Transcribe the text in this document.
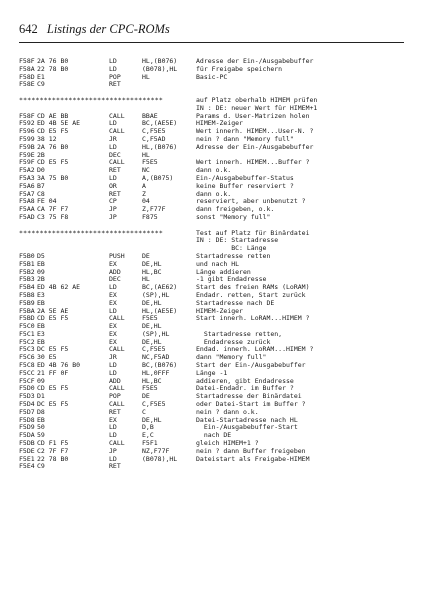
642 Listings der CPC-ROMs
F58F 2A 76 B0	LD	HL,(B076)	Adresse der Ein-/Ausgabebuffer
F58A 22 78 B0	LD	(B078),HL	für Freigabe speichern
F58D E1	POP	HL	Basic-PC
F58E C9	RET
***********************************	auf Platz oberhalb HIMEM prüfen
IN : DE: neuer Wert für HIMEM+1
F58F CD AE BB	CALL	BBAE	Params d. User-Matrizen holen
F592 ED 4B 5E AE	LD	BC,(AE5E)	HIMEM-Zeiger
F596 CD E5 F5	CALL	C,F5E5	Wert innerh. HIMEM...User-N. ?
F599 38 12	JR	C,F5AD	nein ? dann "Memory full"
F59B 2A 76 B0	LD	HL,(B076)	Adresse der Ein-/Ausgabebuffer
F59E 2B	DEC	HL
F59F CD E5 F5	CALL	F5E5	Wert innerh. HIMEM...Buffer ?
F5A2 D0	RET	NC	dann o.k.
F5A3 3A 75 B0	LD	A,(B075)	Ein-/Ausgabebuffer-Status
F5A6 B7	OR	A	keine Buffer reserviert ?
F5A7 C8	RET	Z	dann o.k.
F5A8 FE 04	CP	04	reserviert, aber unbenutzt ?
F5AA CA 7F F7	JP	Z,F77F	dann freigeben, o.k.
F5AD C3 75 F8	JP	F875	sonst "Memory full"
***********************************	Test auf Platz für Binärdatei
IN : DE: Startadresse
BC: Länge
F5B0 D5	PUSH	DE	Startadresse retten
F5B1 EB	EX	DE,HL	und nach HL
F5B2 09	ADD	HL,BC	Länge addieren
F5B3 2B	DEC	HL	-1 gibt Endadresse
F5B4 ED 4B 62 AE	LD	BC,(AE62)	Start des freien RAMs (LoRAM)
F5B8 E3	EX	(SP),HL	Endadr. retten, Start zurück
F5B9 EB	EX	DE,HL	Startadresse nach DE
F5BA 2A 5E AE	LD	HL,(AE5E)	HIMEM-Zeiger
F5BD CD E5 F5	CALL	F5E5	Start innerh. LoRAM...HIMEM ?
F5C0 EB	EX	DE,HL
F5C1 E3	EX	(SP),HL	Startadresse retten,
F5C2 EB	EX	DE,HL	Endadresse zurück
F5C3 DC E5 F5	CALL	C,F5E5	Endad. innerh. LoRAM...HIMEM ?
F5C6 30 E5	JR	NC,F5AD	dann "Memory full"
F5C8 ED 4B 76 B0	LD	BC,(B076)	Start der Ein-/Ausgabebuffer
F5CC 21 FF 0F	LD	HL,0FFF	Länge -1
F5CF 09	ADD	HL,BC	addieren, gibt Endadresse
F5D0 CD E5 F5	CALL	F5E5	Datei-Endadr. im Buffer ?
F5D3 D1	POP	DE	Startadresse der Binärdatei
F5D4 DC E5 F5	CALL	C,F5E5	oder Datei-Start im Buffer ?
F5D7 D8	RET	C	nein ? dann o.k.
F5D8 EB	EX	DE,HL	Datei-Startadresse nach HL
F5D9 50	LD	D,B	Ein-/Ausgabebuffer-Start
F5DA 59	LD	E,C	nach DE
F5DB CD F1 F5	CALL	F5F1	gleich HIMEM+1 ?
F5DE C2 7F F7	JP	NZ,F77F	nein ? dann Buffer freigeben
F5E1 22 78 B0	LD	(B078),HL	Dateistart als Freigabe-HIMEM
F5E4 C9	RET
